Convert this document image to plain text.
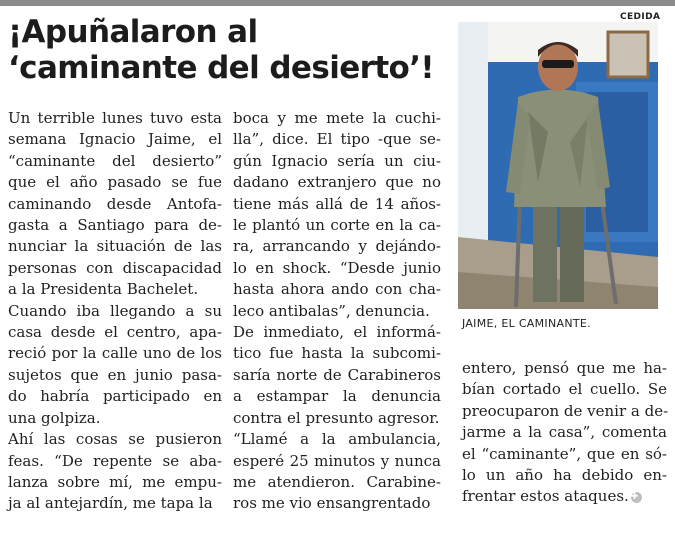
¡Apuñalaron al
‘caminante del desierto’!
Un terrible lunes tuvo esta
semana Ignacio Jaime, el
“caminante del desierto”
que el año pasado se fue
caminando desde Antofa-
gasta a Santiago para de-
nunciar la situación de las
personas con discapacidad
a la Presidenta Bachelet.
Cuando iba llegando a su
casa desde el centro, apa-
reció por la calle uno de los
sujetos que en junio pasa-
do habría participado en
una golpiza.
Ahí las cosas se pusieron
feas. “De repente se aba-
lanza sobre mí, me empu-
ja al antejardín, me tapa la
boca y me mete la cuchi-
lla”, dice. El tipo -que se-
gún Ignacio sería un ciu-
dadano extranjero que no
tiene más allá de 14 años-
le plantó un corte en la ca-
ra, arrancando y dejándo-
lo en shock. “Desde junio
hasta ahora ando con cha-
leco antibalas”, denuncia.
De inmediato, el informá-
tico fue hasta la subcomi-
saría norte de Carabineros
a estampar la denuncia
contra el presunto agresor.
“Llamé a la ambulancia,
esperé 25 minutos y nunca
me atendieron. Carabine-
ros me vio ensangrentado
entero, pensó que me ha-
bían cortado el cuello. Se
preocuparon de venir a de-
jarme a la casa”, comenta
el “caminante”, que en só-
lo un año ha debido en-
frentar estos ataques. ✚
CEDIDA
JAIME, EL CAMINANTE.
